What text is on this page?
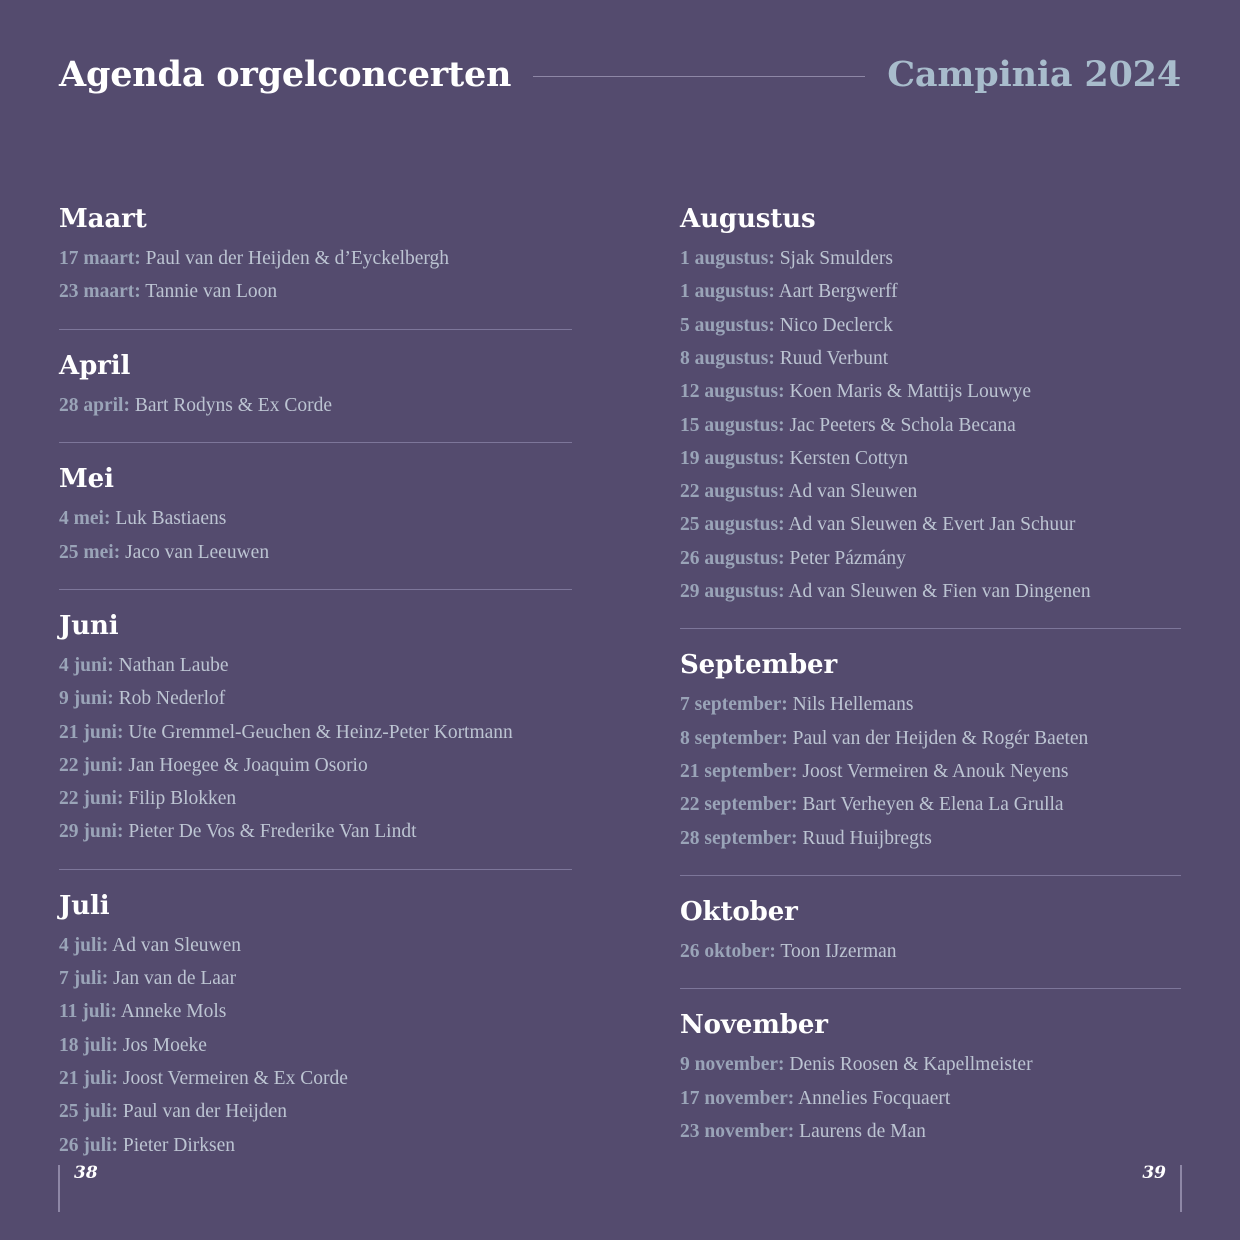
Agenda orgelconcerten	Campinia 2024
Maart
17 maart: Paul van der Heijden & d’Eyckelbergh
23 maart: Tannie van Loon
April
28 april: Bart Rodyns & Ex Corde
Mei
4 mei: Luk Bastiaens
25 mei: Jaco van Leeuwen
Juni
4 juni: Nathan Laube
9 juni: Rob Nederlof
21 juni: Ute Gremmel-Geuchen & Heinz-Peter Kortmann
22 juni: Jan Hoegee & Joaquim Osorio
22 juni: Filip Blokken
29 juni: Pieter De Vos & Frederike Van Lindt
Juli
4 juli: Ad van Sleuwen
7 juli: Jan van de Laar
11 juli: Anneke Mols
18 juli: Jos Moeke
21 juli: Joost Vermeiren & Ex Corde
25 juli: Paul van der Heijden
26 juli: Pieter Dirksen
Augustus
1 augustus: Sjak Smulders
1 augustus: Aart Bergwerff
5 augustus: Nico Declerck
8 augustus: Ruud Verbunt
12 augustus: Koen Maris & Mattijs Louwye
15 augustus: Jac Peeters & Schola Becana
19 augustus: Kersten Cottyn
22 augustus: Ad van Sleuwen
25 augustus: Ad van Sleuwen & Evert Jan Schuur
26 augustus: Peter Pázmány
29 augustus: Ad van Sleuwen & Fien van Dingenen
September
7 september: Nils Hellemans
8 september: Paul van der Heijden & Rogér Baeten
21 september: Joost Vermeiren & Anouk Neyens
22 september: Bart Verheyen & Elena La Grulla
28 september: Ruud Huijbregts
Oktober
26 oktober: Toon IJzerman
November
9 november: Denis Roosen & Kapellmeister
17 november: Annelies Focquaert
23 november: Laurens de Man
38	39
